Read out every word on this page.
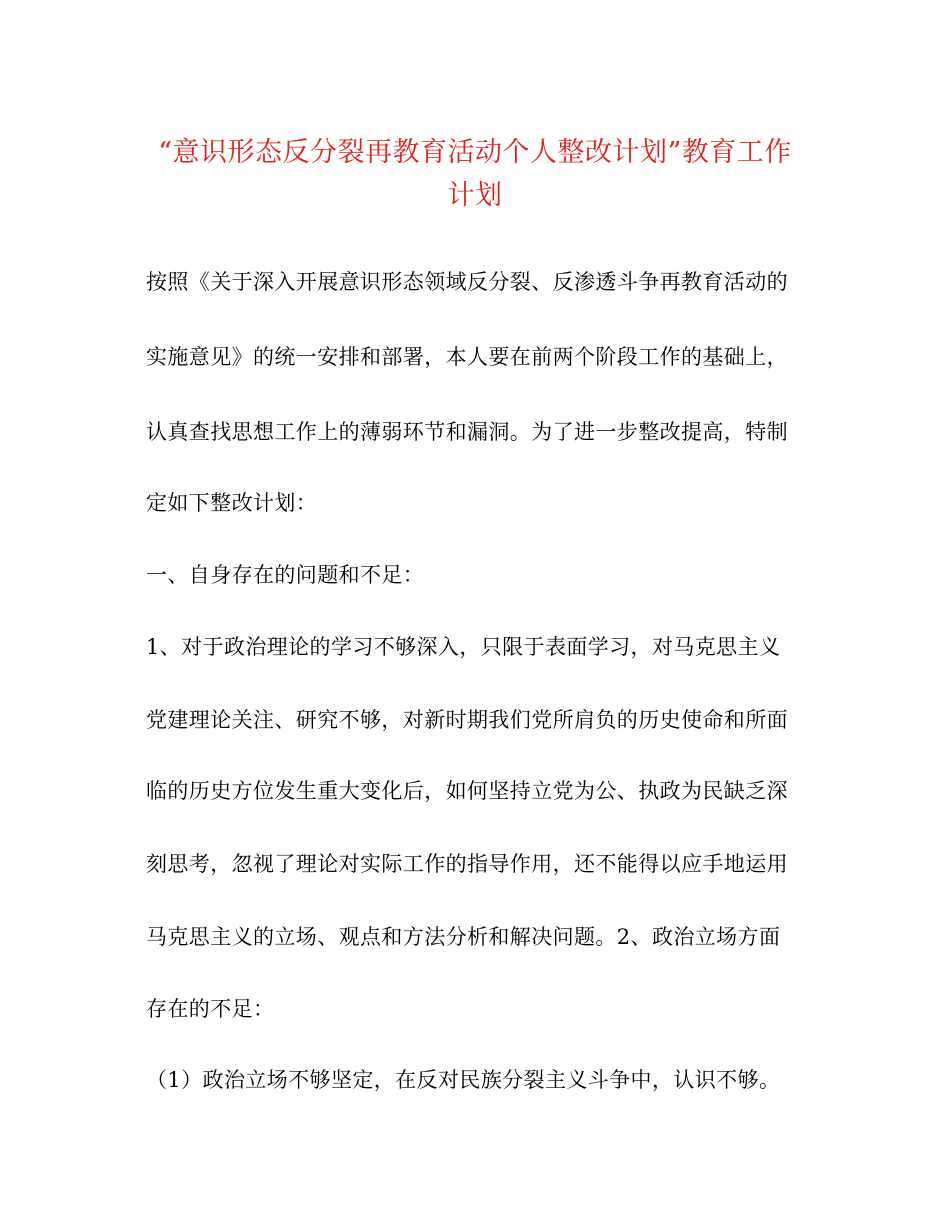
“意识形态反分裂再教育活动个人整改计划”教育工作
计划
按照《关于深入开展意识形态领域反分裂、反渗透斗争再教育活动的
实施意见》的统一安排和部署，本人要在前两个阶段工作的基础上，
认真查找思想工作上的薄弱环节和漏洞。为了进一步整改提高，特制
定如下整改计划：
一、自身存在的问题和不足：
1、对于政治理论的学习不够深入，只限于表面学习，对马克思主义
党建理论关注、研究不够，对新时期我们党所肩负的历史使命和所面
临的历史方位发生重大变化后，如何坚持立党为公、执政为民缺乏深
刻思考，忽视了理论对实际工作的指导作用，还不能得以应手地运用
马克思主义的立场、观点和方法分析和解决问题。2、政治立场方面
存在的不足：
（1）政治立场不够坚定，在反对民族分裂主义斗争中，认识不够。
